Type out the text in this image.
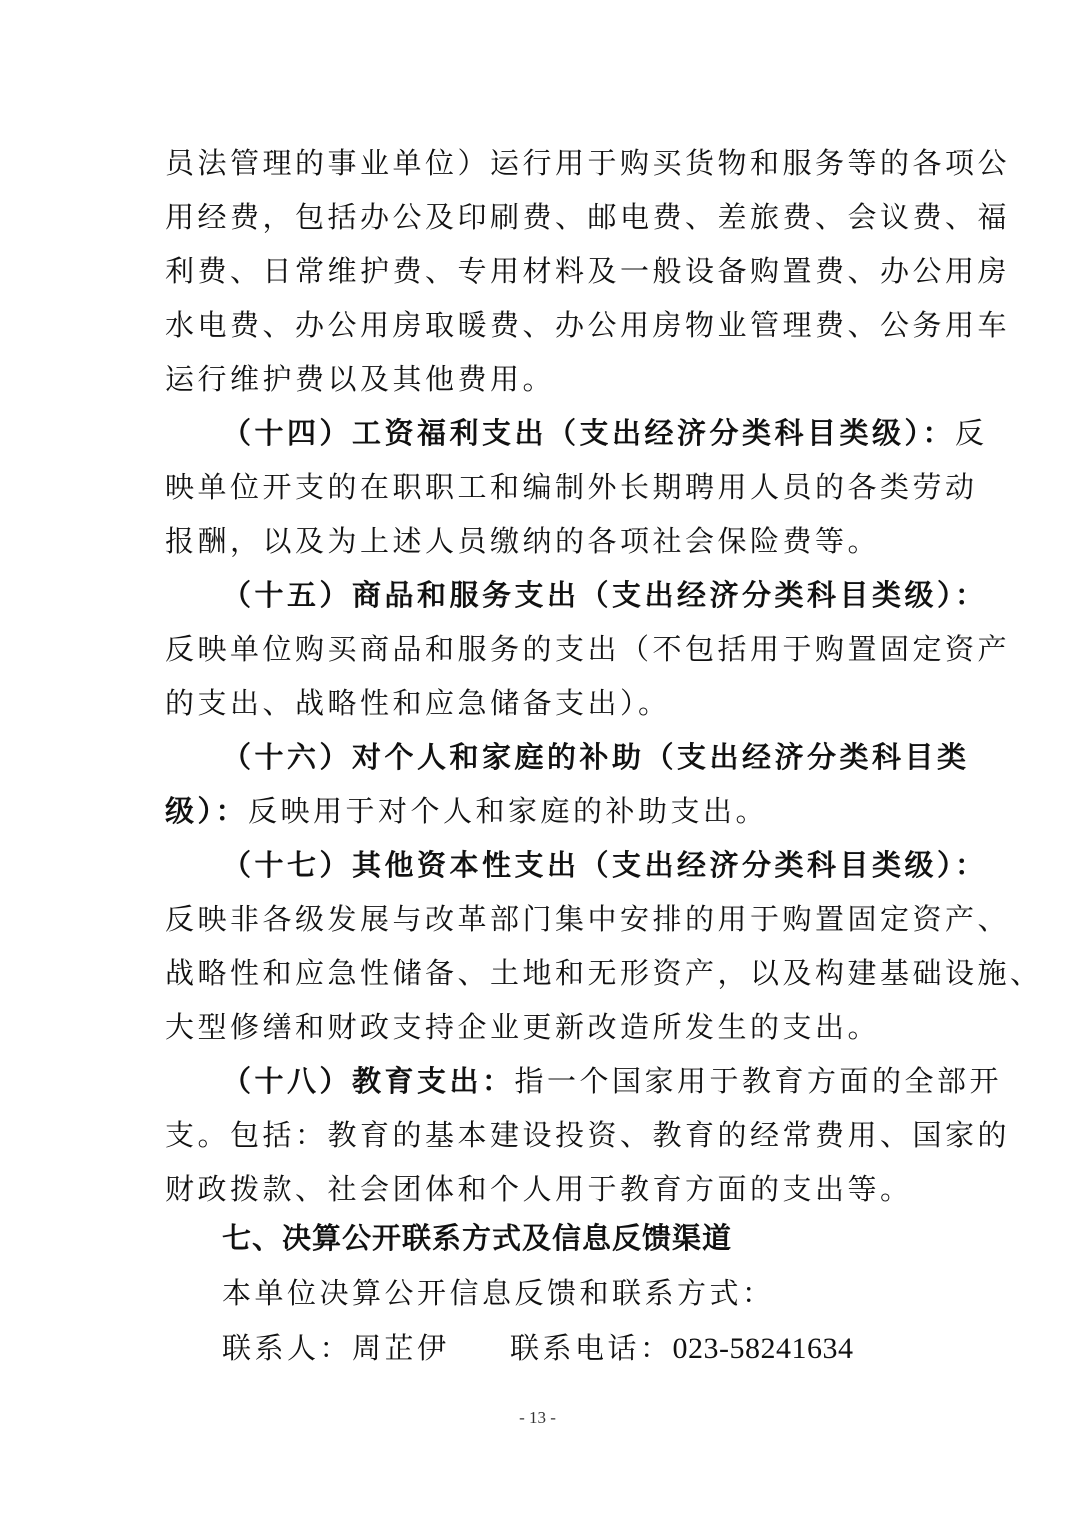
员法管理的事业单位）运行用于购买货物和服务等的各项公
用经费，包括办公及印刷费、邮电费、差旅费、会议费、福
利费、日常维护费、专用材料及一般设备购置费、办公用房
水电费、办公用房取暖费、办公用房物业管理费、公务用车
运行维护费以及其他费用。
（十四）工资福利支出（支出经济分类科目类级）：反
映单位开支的在职职工和编制外长期聘用人员的各类劳动
报酬，以及为上述人员缴纳的各项社会保险费等。
（十五）商品和服务支出（支出经济分类科目类级）：
反映单位购买商品和服务的支出（不包括用于购置固定资产
的支出、战略性和应急储备支出）。
（十六）对个人和家庭的补助（支出经济分类科目类
级）：反映用于对个人和家庭的补助支出。
（十七）其他资本性支出（支出经济分类科目类级）：
反映非各级发展与改革部门集中安排的用于购置固定资产、
战略性和应急性储备、土地和无形资产，以及构建基础设施、
大型修缮和财政支持企业更新改造所发生的支出。
（十八）教育支出：指一个国家用于教育方面的全部开
支。包括：教育的基本建设投资、教育的经常费用、国家的
财政拨款、社会团体和个人用于教育方面的支出等。
七、决算公开联系方式及信息反馈渠道
本单位决算公开信息反馈和联系方式：
联系人：周芷伊 联系电话：023-58241634
- 13 -
